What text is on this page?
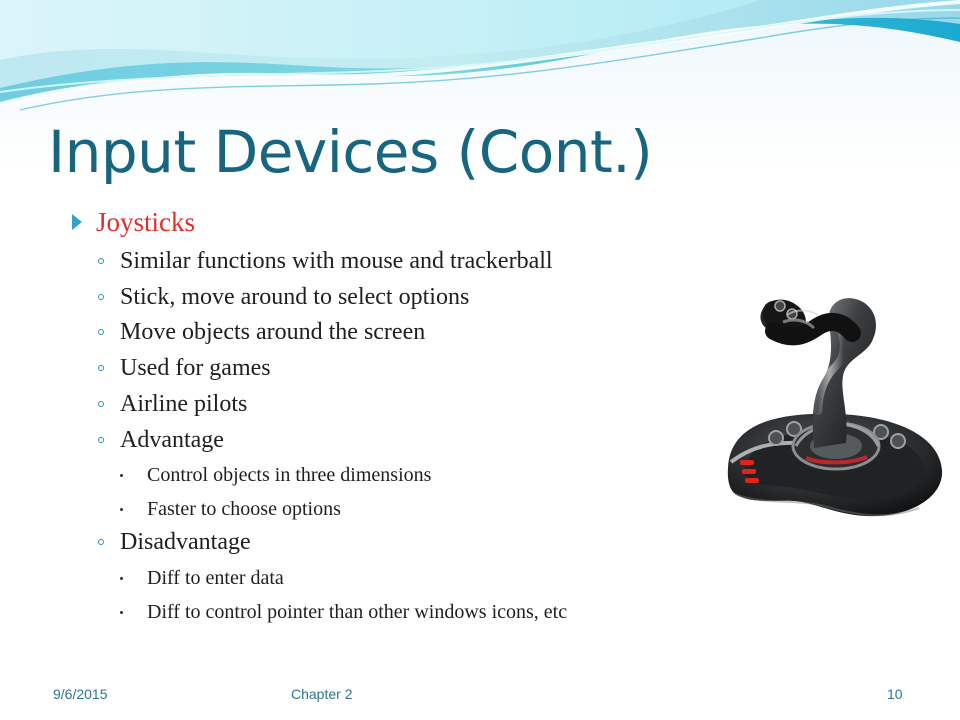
Input Devices (Cont.)
Joysticks
Similar functions with mouse and trackerball
Stick, move around to select options
Move objects around the screen
Used for games
Airline pilots
Advantage
Control objects in three dimensions
Faster to choose options
Disadvantage
Diff to enter data
Diff to control pointer than other windows icons, etc
9/6/2015	Chapter 2	10
